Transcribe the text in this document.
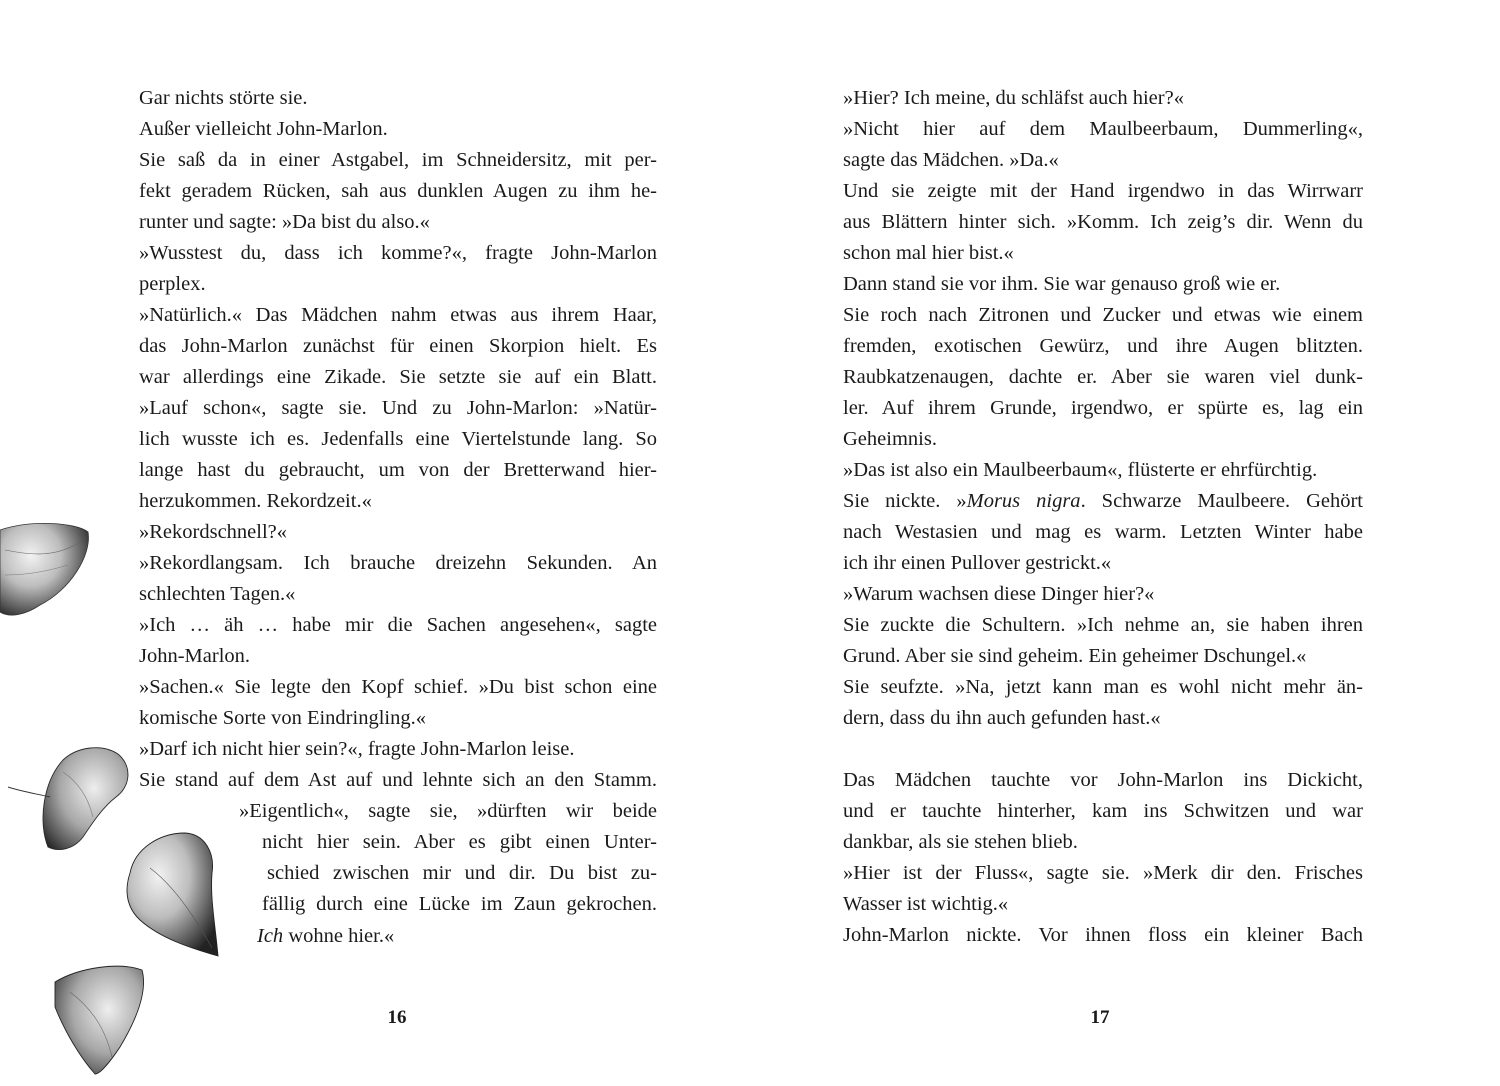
Gar nichts störte sie.
Außer vielleicht John-Marlon.
Sie saß da in einer Astgabel, im Schneidersitz, mit per-
fekt geradem Rücken, sah aus dunklen Augen zu ihm he-
runter und sagte: »Da bist du also.«
»Wusstest du, dass ich komme?«, fragte John-Marlon
perplex.
»Natürlich.« Das Mädchen nahm etwas aus ihrem Haar,
das John-Marlon zunächst für einen Skorpion hielt. Es
war allerdings eine Zikade. Sie setzte sie auf ein Blatt.
»Lauf schon«, sagte sie. Und zu John-Marlon: »Natür-
lich wusste ich es. Jedenfalls eine Viertelstunde lang. So
lange hast du gebraucht, um von der Bretterwand hier-
herzukommen. Rekordzeit.«
»Rekordschnell?«
»Rekordlangsam. Ich brauche dreizehn Sekunden. An
schlechten Tagen.«
»Ich … äh … habe mir die Sachen angesehen«, sagte
John-Marlon.
»Sachen.« Sie legte den Kopf schief. »Du bist schon eine
komische Sorte von Eindringling.«
»Darf ich nicht hier sein?«, fragte John-Marlon leise.
Sie stand auf dem Ast auf und lehnte sich an den Stamm.
»Eigentlich«, sagte sie, »dürften wir beide
nicht hier sein. Aber es gibt einen Unter-
schied zwischen mir und dir. Du bist zu-
fällig durch eine Lücke im Zaun gekrochen.
Ich wohne hier.«
16
»Hier? Ich meine, du schläfst auch hier?«
»Nicht hier auf dem Maulbeerbaum, Dummerling«,
sagte das Mädchen. »Da.«
Und sie zeigte mit der Hand irgendwo in das Wirrwarr
aus Blättern hinter sich. »Komm. Ich zeig’s dir. Wenn du
schon mal hier bist.«
Dann stand sie vor ihm. Sie war genauso groß wie er.
Sie roch nach Zitronen und Zucker und etwas wie einem
fremden, exotischen Gewürz, und ihre Augen blitzten.
Raubkatzenaugen, dachte er. Aber sie waren viel dunk-
ler. Auf ihrem Grunde, irgendwo, er spürte es, lag ein
Geheimnis.
»Das ist also ein Maulbeerbaum«, flüsterte er ehrfürchtig.
Sie nickte. »Morus nigra. Schwarze Maulbeere. Gehört
nach Westasien und mag es warm. Letzten Winter habe
ich ihr einen Pullover gestrickt.«
»Warum wachsen diese Dinger hier?«
Sie zuckte die Schultern. »Ich nehme an, sie haben ihren
Grund. Aber sie sind geheim. Ein geheimer Dschungel.«
Sie seufzte. »Na, jetzt kann man es wohl nicht mehr än-
dern, dass du ihn auch gefunden hast.«
Das Mädchen tauchte vor John-Marlon ins Dickicht,
und er tauchte hinterher, kam ins Schwitzen und war
dankbar, als sie stehen blieb.
»Hier ist der Fluss«, sagte sie. »Merk dir den. Frisches
Wasser ist wichtig.«
John-Marlon nickte. Vor ihnen floss ein kleiner Bach
17
